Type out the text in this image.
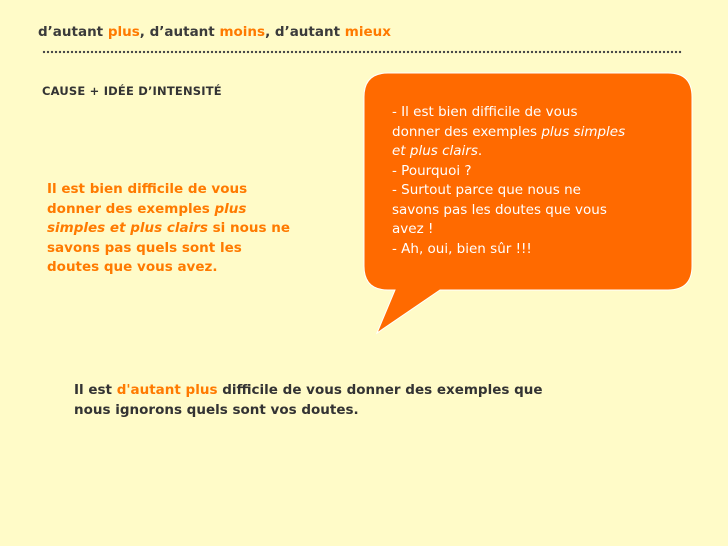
d’autant plus, d’autant moins, d’autant mieux
CAUSE + IDÉE D’INTENSITÉ
- Il est bien difficile de vous
donner des exemples plus simples
et plus clairs.
- Pourquoi ?
- Surtout parce que nous ne
savons pas les doutes que vous
avez !
- Ah, oui, bien sûr !!!
Il est bien difficile de vous
donner des exemples plus
simples et plus clairs si nous ne
savons pas quels sont les
doutes que vous avez.
Il est d'autant plus difficile de vous donner des exemples que
nous ignorons quels sont vos doutes.
